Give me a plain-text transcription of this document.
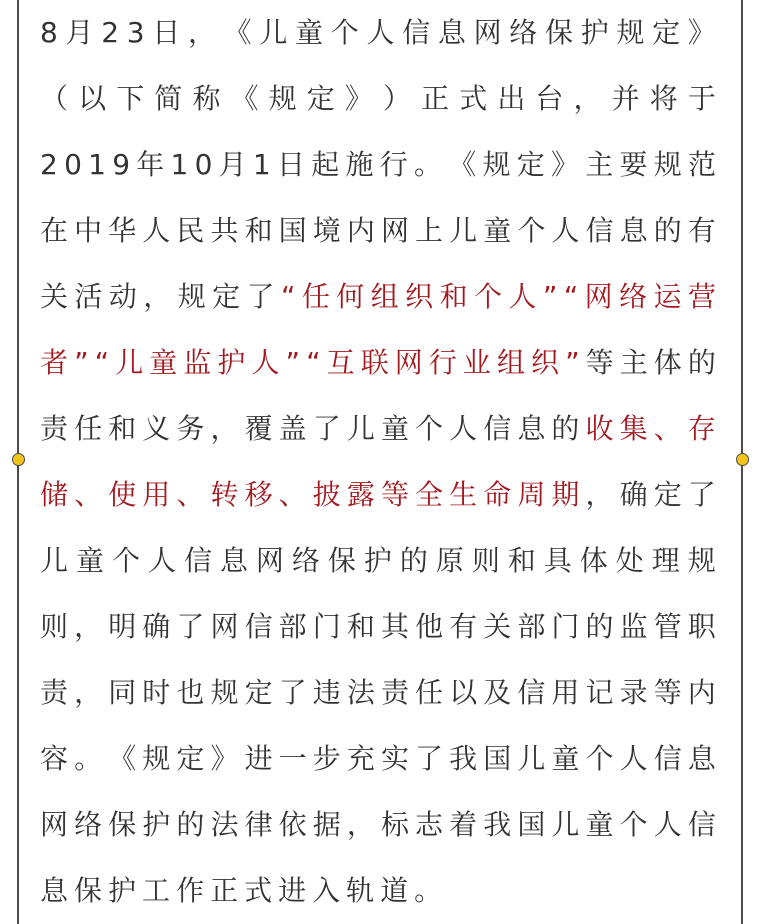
8 月 2 3 日 ， 《 儿 童 个 人 信 息 网 络 保 护 规 定 》
（ 以 下 简 称 《 规 定 》 ） 正 式 出 台 ， 并 将 于
2 0 1 9 年 1 0 月 1 日 起 施 行 。 《 规 定 》 主 要 规 范
在 中 华 人 民 共 和 国 境 内 网 上 儿 童 个 人 信 息 的 有
关 活 动 ， 规 定 了 “ 任 何 组 织 和 个 人 ” “ 网 络 运 营
者 ” “ 儿 童 监 护 人 ” “ 互 联 网 行 业 组 织 ” 等 主 体 的
责 任 和 义 务 ， 覆 盖 了 儿 童 个 人 信 息 的 收 集 、 存
储 、 使 用 、 转 移 、 披 露 等 全 生 命 周 期 ， 确 定 了
儿 童 个 人 信 息 网 络 保 护 的 原 则 和 具 体 处 理 规
则 ， 明 确 了 网 信 部 门 和 其 他 有 关 部 门 的 监 管 职
责 ， 同 时 也 规 定 了 违 法 责 任 以 及 信 用 记 录 等 内
容 。 《 规 定 》 进 一 步 充 实 了 我 国 儿 童 个 人 信 息
网 络 保 护 的 法 律 依 据 ， 标 志 着 我 国 儿 童 个 人 信
息 保 护 工 作 正 式 进 入 轨 道 。
